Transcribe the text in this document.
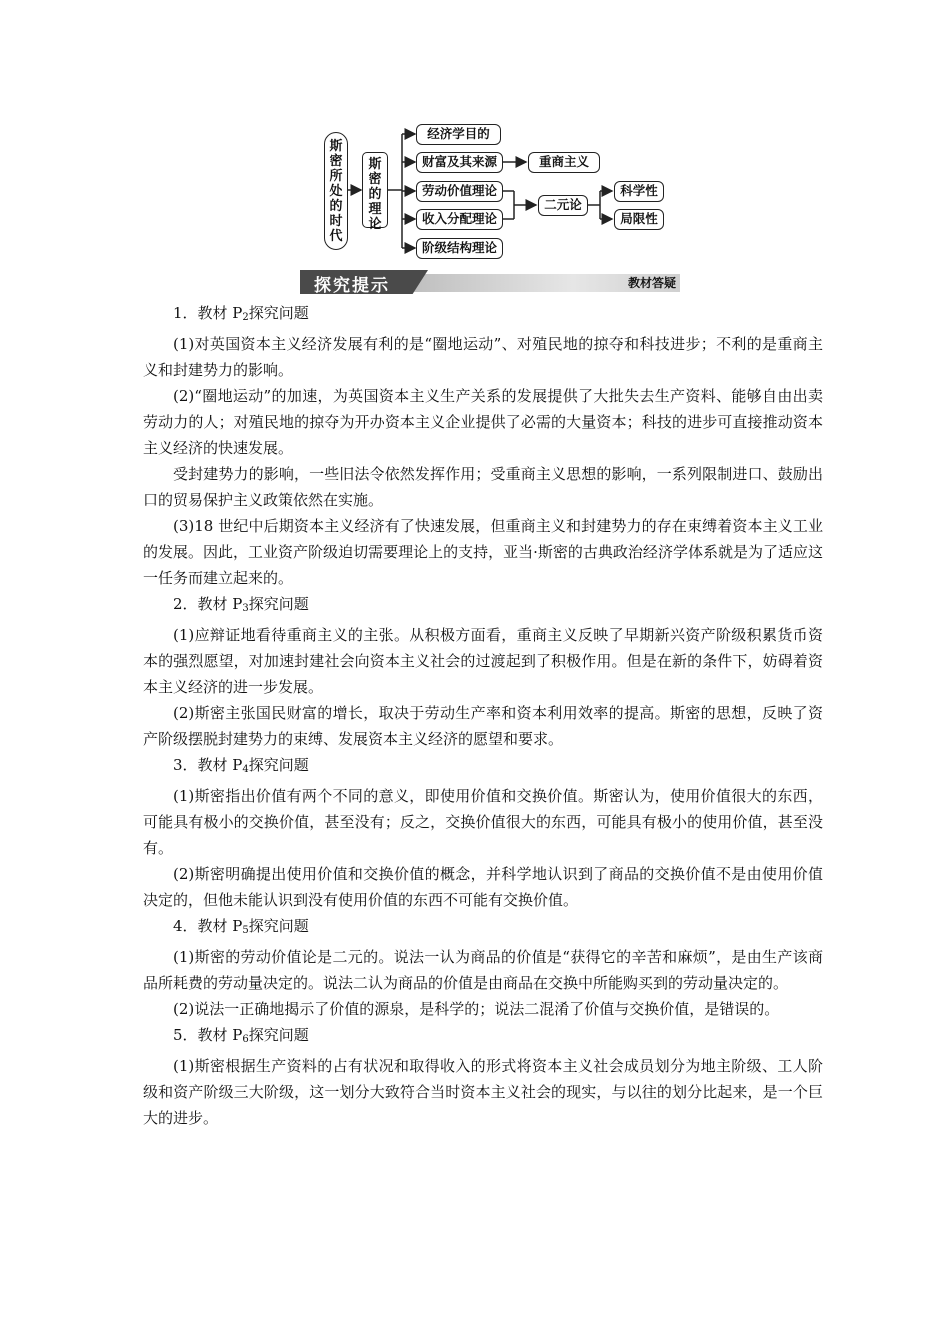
斯密所处的时代
斯密的理论
经济学目的
财富及其来源
劳动价值理论
收入分配理论
阶级结构理论
重商主义
二元论
科学性
局限性
探究提示	教材答疑

1．教材 $P_2$探究问题

(1)对英国资本主义经济发展有利的是“圈地运动”、对殖民地的掠夺和科技进步；不利的是重商主义和封建势力的影响。

(2)“圈地运动”的加速，为英国资本主义生产关系的发展提供了大批失去生产资料、能够自由出卖劳动力的人；对殖民地的掠夺为开办资本主义企业提供了必需的大量资本；科技的进步可直接推动资本主义经济的快速发展。

受封建势力的影响，一些旧法令依然发挥作用；受重商主义思想的影响，一系列限制进口、鼓励出口的贸易保护主义政策依然在实施。

(3)18 世纪中后期资本主义经济有了快速发展，但重商主义和封建势力的存在束缚着资本主义工业的发展。因此，工业资产阶级迫切需要理论上的支持，亚当·斯密的古典政治经济学体系就是为了适应这一任务而建立起来的。

2．教材 $P_3$探究问题

(1)应辩证地看待重商主义的主张。从积极方面看，重商主义反映了早期新兴资产阶级积累货币资本的强烈愿望，对加速封建社会向资本主义社会的过渡起到了积极作用。但是在新的条件下，妨碍着资本主义经济的进一步发展。

(2)斯密主张国民财富的增长，取决于劳动生产率和资本利用效率的提高。斯密的思想，反映了资产阶级摆脱封建势力的束缚、发展资本主义经济的愿望和要求。

3．教材 $P_4$探究问题

(1)斯密指出价值有两个不同的意义，即使用价值和交换价值。斯密认为，使用价值很大的东西，可能具有极小的交换价值，甚至没有；反之，交换价值很大的东西，可能具有极小的使用价值，甚至没有。

(2)斯密明确提出使用价值和交换价值的概念，并科学地认识到了商品的交换价值不是由使用价值决定的，但他未能认识到没有使用价值的东西不可能有交换价值。

4．教材 $P_5$探究问题

(1)斯密的劳动价值论是二元的。说法一认为商品的价值是“获得它的辛苦和麻烦”，是由生产该商品所耗费的劳动量决定的。说法二认为商品的价值是由商品在交换中所能购买到的劳动量决定的。

(2)说法一正确地揭示了价值的源泉，是科学的；说法二混淆了价值与交换价值，是错误的。

5．教材 $P_6$探究问题

(1)斯密根据生产资料的占有状况和取得收入的形式将资本主义社会成员划分为地主阶级、工人阶级和资产阶级三大阶级，这一划分大致符合当时资本主义社会的现实，与以往的划分比起来，是一个巨大的进步。
